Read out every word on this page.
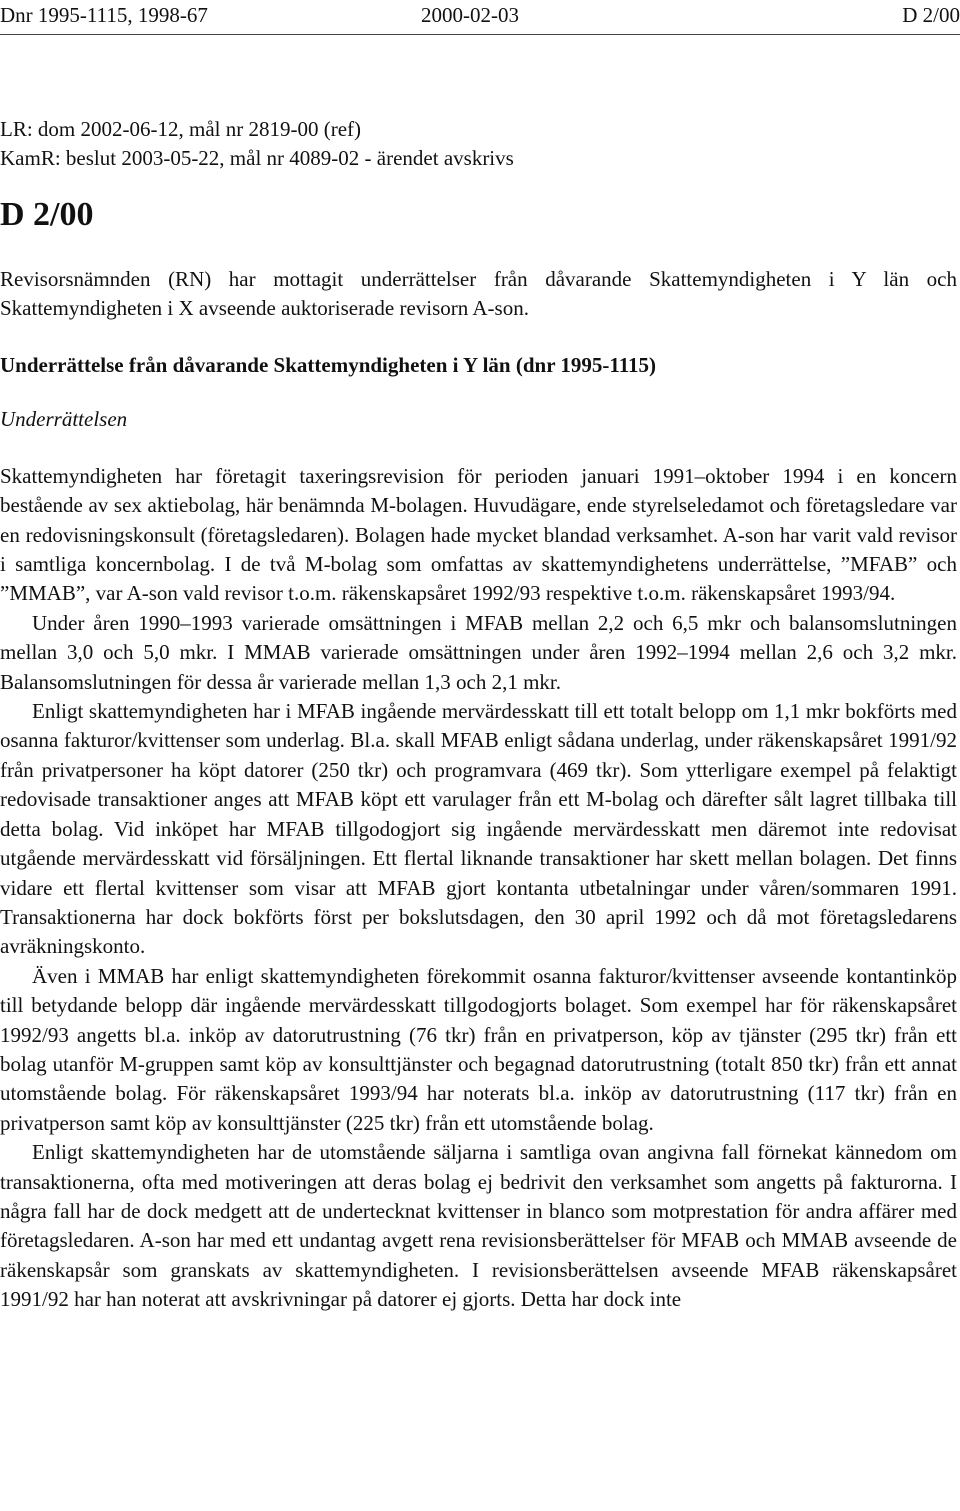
Dnr 1995-1115, 1998-67	2000-02-03	D 2/00
LR: dom 2002-06-12, mål nr 2819-00 (ref)
KamR: beslut 2003-05-22, mål nr 4089-02 - ärendet avskrivs
D 2/00

Revisorsnämnden (RN) har mottagit underrättelser från dåvarande Skattemyndigheten i Y län och Skattemyndigheten i X avseende auktoriserade revisorn A-son.

Underrättelse från dåvarande Skattemyndigheten i Y län (dnr 1995-1115)
Underrättelsen

Skattemyndigheten har företagit taxeringsrevision för perioden januari 1991–oktober 1994 i en koncern bestående av sex aktiebolag, här benämnda M-bolagen. Huvudägare, ende styrelseledamot och företagsledare var en redovisningskonsult (företagsledaren). Bolagen hade mycket blandad verksamhet. A-son har varit vald revisor i samtliga koncernbolag. I de två M-bolag som omfattas av skattemyndighetens underrättelse, ”MFAB” och ”MMAB”, var A-son vald revisor t.o.m. räkenskapsåret 1992/93 respektive t.o.m. räkenskapsåret 1993/94.

Under åren 1990–1993 varierade omsättningen i MFAB mellan 2,2 och 6,5 mkr och balansomslutningen mellan 3,0 och 5,0 mkr. I MMAB varierade omsättningen under åren 1992–1994 mellan 2,6 och 3,2 mkr. Balansomslutningen för dessa år varierade mellan 1,3 och 2,1 mkr.

Enligt skattemyndigheten har i MFAB ingående mervärdesskatt till ett totalt belopp om 1,1 mkr bokförts med osanna fakturor/kvittenser som underlag. Bl.a. skall MFAB enligt sådana underlag, under räkenskapsåret 1991/92 från privatpersoner ha köpt datorer (250 tkr) och programvara (469 tkr). Som ytterligare exempel på felaktigt redovisade transaktioner anges att MFAB köpt ett varulager från ett M-bolag och därefter sålt lagret tillbaka till detta bolag. Vid inköpet har MFAB tillgodogjort sig ingående mervärdesskatt men däremot inte redovisat utgående mervärdesskatt vid försäljningen. Ett flertal liknande transaktioner har skett mellan bolagen. Det finns vidare ett flertal kvittenser som visar att MFAB gjort kontanta utbetalningar under våren/sommaren 1991. Transaktionerna har dock bokförts först per bokslutsdagen, den 30 april 1992 och då mot företagsledarens avräkningskonto.

Även i MMAB har enligt skattemyndigheten förekommit osanna fakturor/kvittenser avseende kontantinköp till betydande belopp där ingående mervärdesskatt tillgodogjorts bolaget. Som exempel har för räkenskapsåret 1992/93 angetts bl.a. inköp av datorutrustning (76 tkr) från en privatperson, köp av tjänster (295 tkr) från ett bolag utanför M-gruppen samt köp av konsulttjänster och begagnad datorutrustning (totalt 850 tkr) från ett annat utomstående bolag. För räkenskapsåret 1993/94 har noterats bl.a. inköp av datorutrustning (117 tkr) från en privatperson samt köp av konsulttjänster (225 tkr) från ett utomstående bolag.

Enligt skattemyndigheten har de utomstående säljarna i samtliga ovan angivna fall förnekat kännedom om transaktionerna, ofta med motiveringen att deras bolag ej bedrivit den verksamhet som angetts på fakturorna. I några fall har de dock medgett att de undertecknat kvittenser in blanco som motprestation för andra affärer med företagsledaren. A-son har med ett undantag avgett rena revisionsberättelser för MFAB och MMAB avseende de räkenskapsår som granskats av skattemyndigheten. I revisionsberättelsen avseende MFAB räkenskapsåret 1991/92 har han noterat att avskrivningar på datorer ej gjorts. Detta har dock inte
